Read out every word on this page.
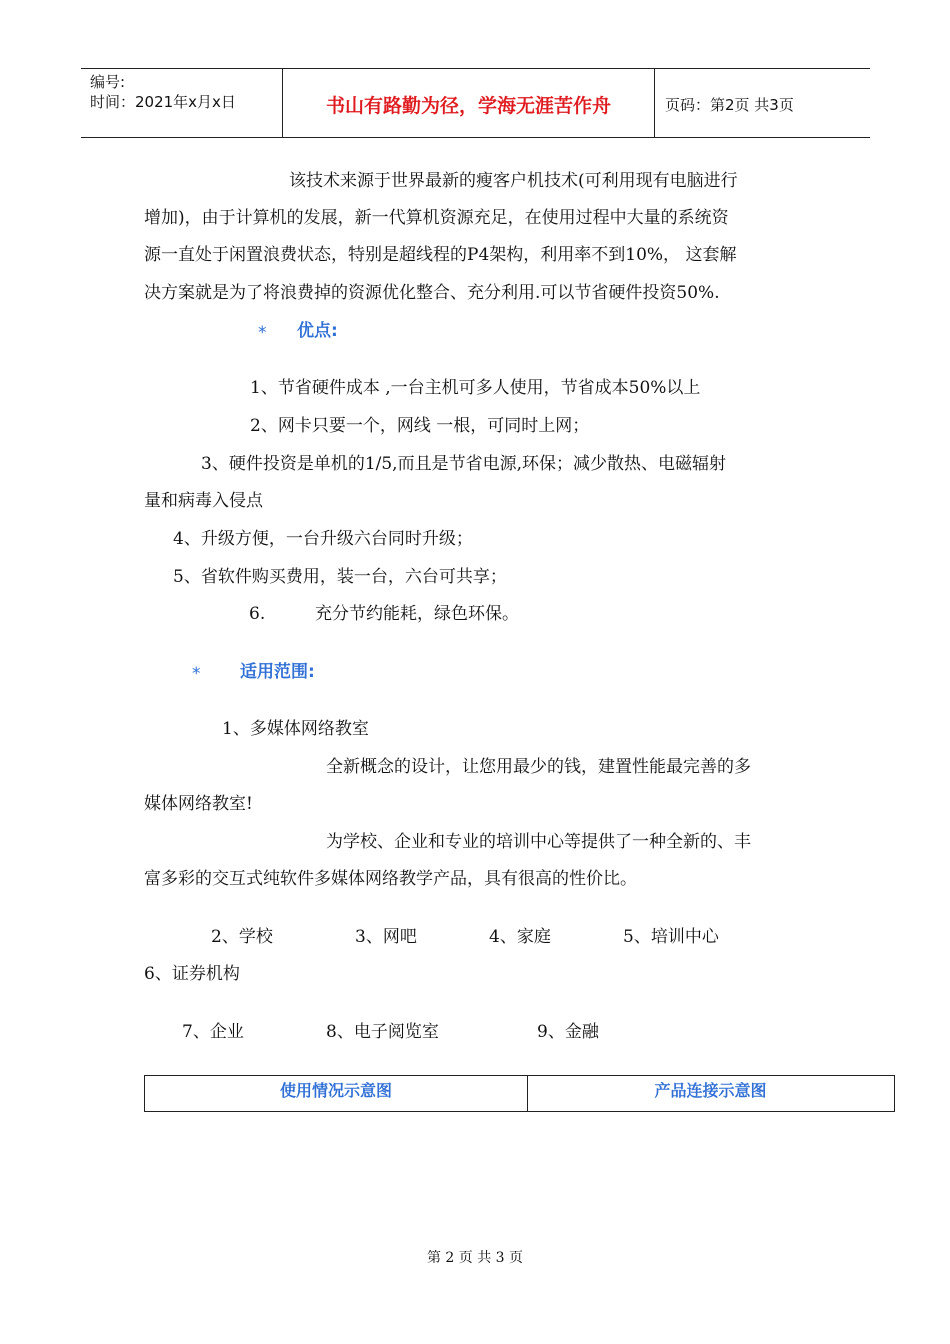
编号:
时间：2021年x月x日	书山有路勤为径，学海无涯苦作舟	页码：第2页 共3页
该技术来源于世界最新的瘦客户机技术(可利用现有电脑进行
增加)，由于计算机的发展，新一代算机资源充足，在使用过程中大量的系统资
源一直处于闲置浪费状态，特别是超线程的P4架构，利用率不到10%， 这套解
决方案就是为了将浪费掉的资源优化整合、充分利用.可以节省硬件投资50%.
* 优点:
1、节省硬件成本 ,一台主机可多人使用，节省成本50%以上
2、网卡只要一个，网线 一根，可同时上网；
3、硬件投资是单机的1/5,而且是节省电源,环保；减少散热、电磁辐射
量和病毒入侵点
4、升级方便，一台升级六台同时升级；
5、省软件购买费用，装一台，六台可共享；
6.	充分节约能耗，绿色环保。
* 适用范围:
1、多媒体网络教室
全新概念的设计，让您用最少的钱，建置性能最完善的多
媒体网络教室!
为学校、企业和专业的培训中心等提供了一种全新的、丰
富多彩的交互式纯软件多媒体网络教学产品，具有很高的性价比。
2、学校	3、网吧	4、家庭	5、培训中心
6、证券机构
7、企业	8、电子阅览室	9、金融
使用情况示意图	产品连接示意图
第 2 页 共 3 页
